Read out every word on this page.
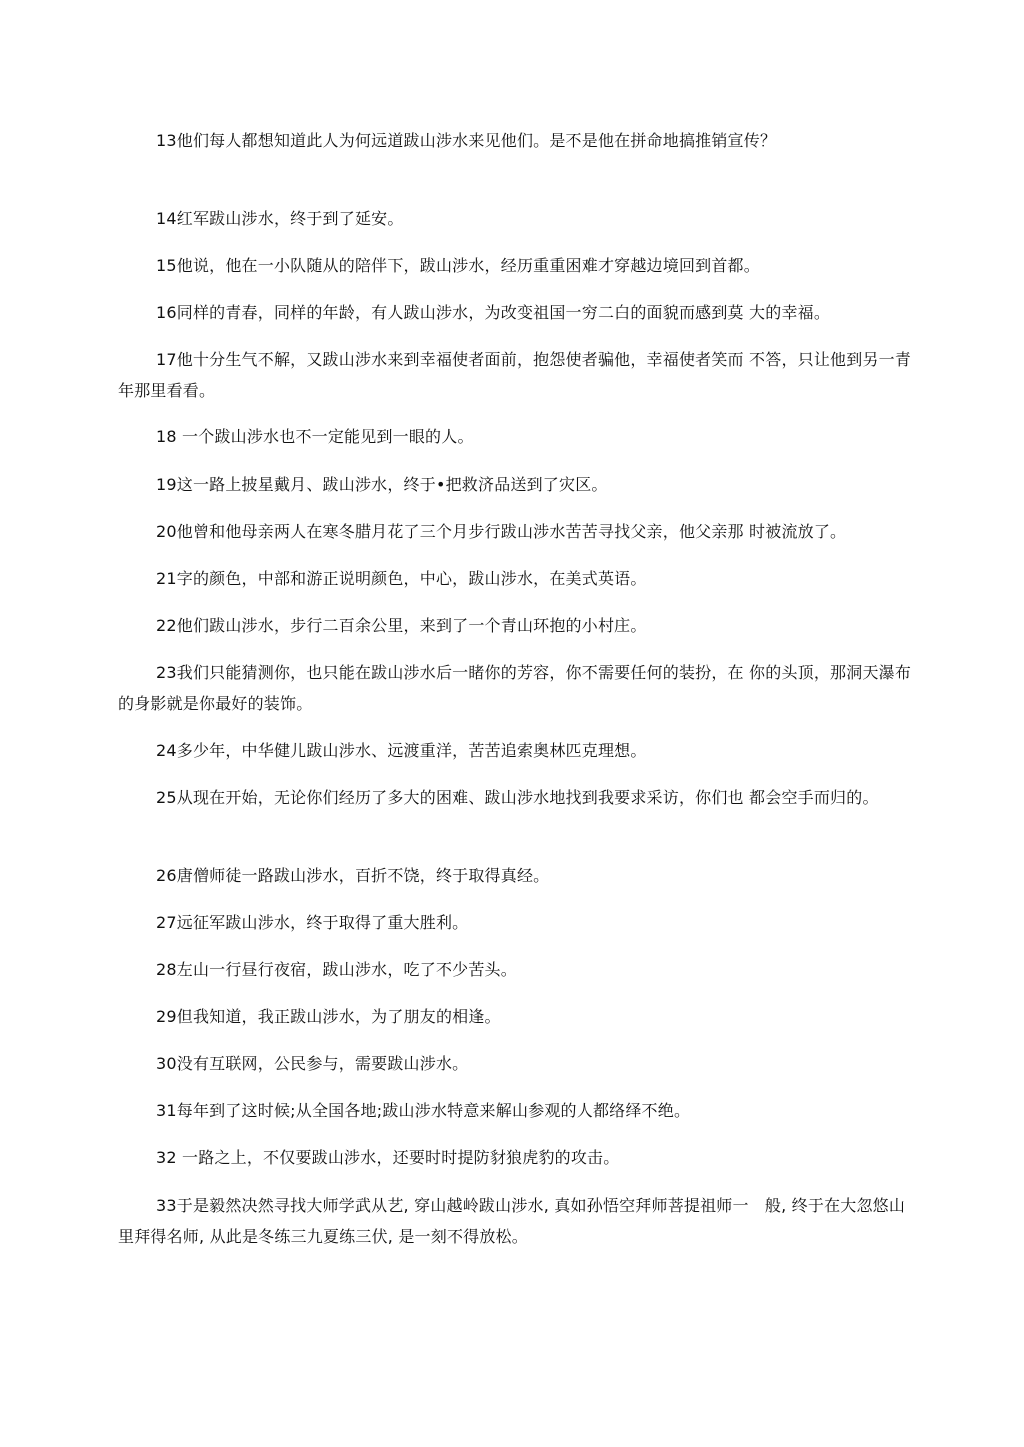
13他们每人都想知道此人为何远道跋山涉水来见他们。是不是他在拼命地搞推销宣传？

14红军跋山涉水，终于到了延安。

15他说，他在一小队随从的陪伴下，跋山涉水，经历重重困难才穿越边境回到首都。

16同样的青春，同样的年龄，有人跋山涉水，为改变祖国一穷二白的面貌而感到莫 大的幸福。

17他十分生气不解，又跋山涉水来到幸福使者面前，抱怨使者骗他，幸福使者笑而 不答，只让他到另一青年那里看看。

18 一个跋山涉水也不一定能见到一眼的人。

19这一路上披星戴月、跋山涉水，终于•把救济品送到了灾区。

20他曾和他母亲两人在寒冬腊月花了三个月步行跋山涉水苦苦寻找父亲，他父亲那 时被流放了。

21字的颜色，中部和游正说明颜色，中心，跋山涉水，在美式英语。

22他们跋山涉水，步行二百余公里，来到了一个青山环抱的小村庄。

23我们只能猜测你，也只能在跋山涉水后一睹你的芳容，你不需要任何的装扮，在 你的头顶，那洞天瀑布的身影就是你最好的装饰。

24多少年，中华健儿跋山涉水、远渡重洋，苦苦追索奥林匹克理想。

25从现在开始，无论你们经历了多大的困难、跋山涉水地找到我要求采访，你们也 都会空手而归的。

26唐僧师徒一路跋山涉水，百折不饶，终于取得真经。

27远征军跋山涉水，终于取得了重大胜利。

28左山一行昼行夜宿，跋山涉水，吃了不少苦头。

29但我知道，我正跋山涉水，为了朋友的相逢。

30没有互联网，公民参与，需要跋山涉水。

31每年到了这时候;从全国各地;跋山涉水特意来解山参观的人都络绎不绝。

32 一路之上，不仅要跋山涉水，还要时时提防豺狼虎豹的攻击。

33于是毅然决然寻找大师学武从艺, 穿山越岭跋山涉水, 真如孙悟空拜师菩提祖师一　般, 终于在大忽悠山里拜得名师, 从此是冬练三九夏练三伏, 是一刻不得放松。
